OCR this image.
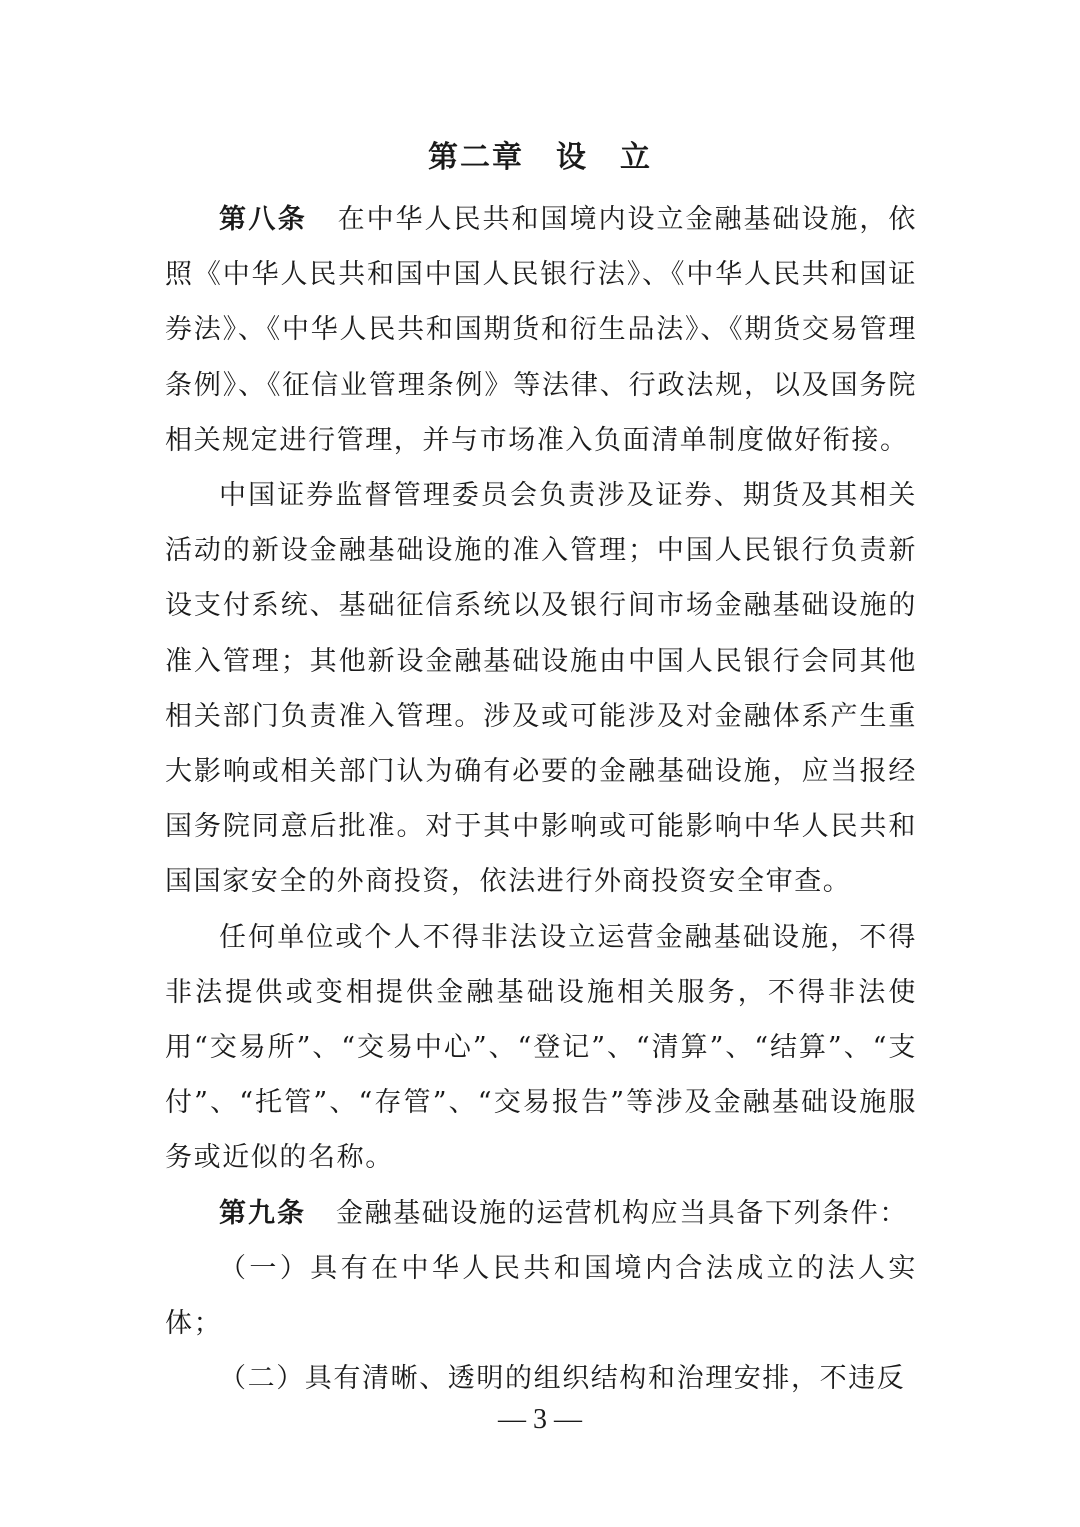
第二章　设　立

第八条 在中华人民共和国境内设立金融基础设施，依照《中华人民共和国中国人民银行法》、《中华人民共和国证券法》、《中华人民共和国期货和衍生品法》、《期货交易管理条例》、《征信业管理条例》等法律、行政法规，以及国务院相关规定进行管理，并与市场准入负面清单制度做好衔接。

中国证券监督管理委员会负责涉及证券、期货及其相关活动的新设金融基础设施的准入管理；中国人民银行负责新设支付系统、基础征信系统以及银行间市场金融基础设施的准入管理；其他新设金融基础设施由中国人民银行会同其他相关部门负责准入管理。涉及或可能涉及对金融体系产生重大影响或相关部门认为确有必要的金融基础设施，应当报经国务院同意后批准。对于其中影响或可能影响中华人民共和国国家安全的外商投资，依法进行外商投资安全审查。

任何单位或个人不得非法设立运营金融基础设施，不得非法提供或变相提供金融基础设施相关服务，不得非法使用“交易所”、“交易中心”、“登记”、“清算”、“结算”、“支付”、“托管”、“存管”、“交易报告”等涉及金融基础设施服务或近似的名称。

第九条 金融基础设施的运营机构应当具备下列条件：

（一）具有在中华人民共和国境内合法成立的法人实体；

（二）具有清晰、透明的组织结构和治理安排，不违反

— 3 —
